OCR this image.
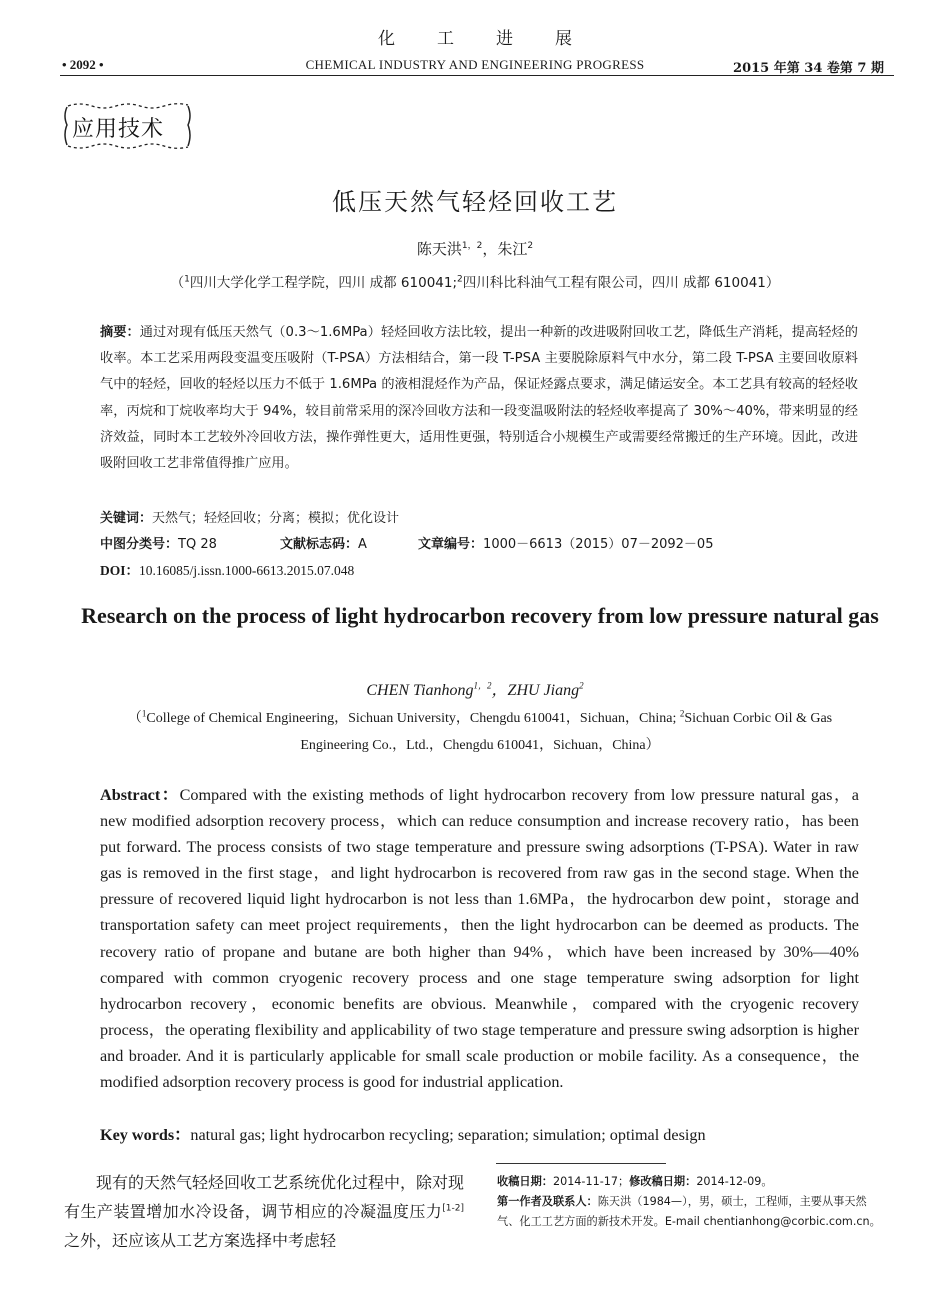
化工进展
• 2092 •	CHEMICAL INDUSTRY AND ENGINEERING PROGRESS	2015 年第 34 卷第 7 期
应用技术
低压天然气轻烃回收工艺
陈天洪$^{1,2}$，朱江$^2$
（$^1$四川大学化学工程学院，四川 成都 610041;$^2$四川科比科油气工程有限公司，四川 成都 610041）
摘要：通过对现有低压天然气（0.3～1.6MPa）轻烃回收方法比较，提出一种新的改进吸附回收工艺，降低生产消耗，提高轻烃的收率。本工艺采用两段变温变压吸附（T-PSA）方法相结合，第一段 T-PSA 主要脱除原料气中水分，第二段 T-PSA 主要回收原料气中的轻烃，回收的轻烃以压力不低于 1.6MPa 的液相混烃作为产品，保证烃露点要求，满足储运安全。本工艺具有较高的轻烃收率，丙烷和丁烷收率均大于 94%，较目前常采用的深冷回收方法和一段变温吸附法的轻烃收率提高了 30%～40%，带来明显的经济效益，同时本工艺较外冷回收方法，操作弹性更大，适用性更强，特别适合小规模生产或需要经常搬迁的生产环境。因此，改进吸附回收工艺非常值得推广应用。
关键词：天然气；轻烃回收；分离；模拟；优化设计
中图分类号：TQ 28	文献标志码：A	文章编号：1000－6613（2015）07－2092－05
DOI：10.16085/j.issn.1000-6613.2015.07.048
Research on the process of light hydrocarbon recovery from low pressure natural gas
CHEN Tianhong$^{1,2}$，ZHU Jiang$^2$
（$^1$College of Chemical Engineering，Sichuan University，Chengdu 610041，Sichuan，China; $^2$Sichuan Corbic Oil & Gas Engineering Co.，Ltd.，Chengdu 610041，Sichuan，China）
Abstract：Compared with the existing methods of light hydrocarbon recovery from low pressure natural gas，a new modified adsorption recovery process，which can reduce consumption and increase recovery ratio，has been put forward. The process consists of two stage temperature and pressure swing adsorptions (T-PSA). Water in raw gas is removed in the first stage，and light hydrocarbon is recovered from raw gas in the second stage. When the pressure of recovered liquid light hydrocarbon is not less than 1.6MPa，the hydrocarbon dew point，storage and transportation safety can meet project requirements，then the light hydrocarbon can be deemed as products. The recovery ratio of propane and butane are both higher than 94%，which have been increased by 30%—40% compared with common cryogenic recovery process and one stage temperature swing adsorption for light hydrocarbon recovery，economic benefits are obvious. Meanwhile，compared with the cryogenic recovery process，the operating flexibility and applicability of two stage temperature and pressure swing adsorption is higher and broader. And it is particularly applicable for small scale production or mobile facility. As a consequence，the modified adsorption recovery process is good for industrial application.
Key words：natural gas; light hydrocarbon recycling; separation; simulation; optimal design
现有的天然气轻烃回收工艺系统优化过程中，除对现有生产装置增加水冷设备，调节相应的冷凝温度压力[1-2]之外，还应该从工艺方案选择中考虑轻
收稿日期：2014-11-17；修改稿日期：2014-12-09。
第一作者及联系人：陈天洪（1984—），男，硕士，工程师，主要从事天然气、化工工艺方面的新技术开发。E-mail chentianhong@corbic.com.cn。
